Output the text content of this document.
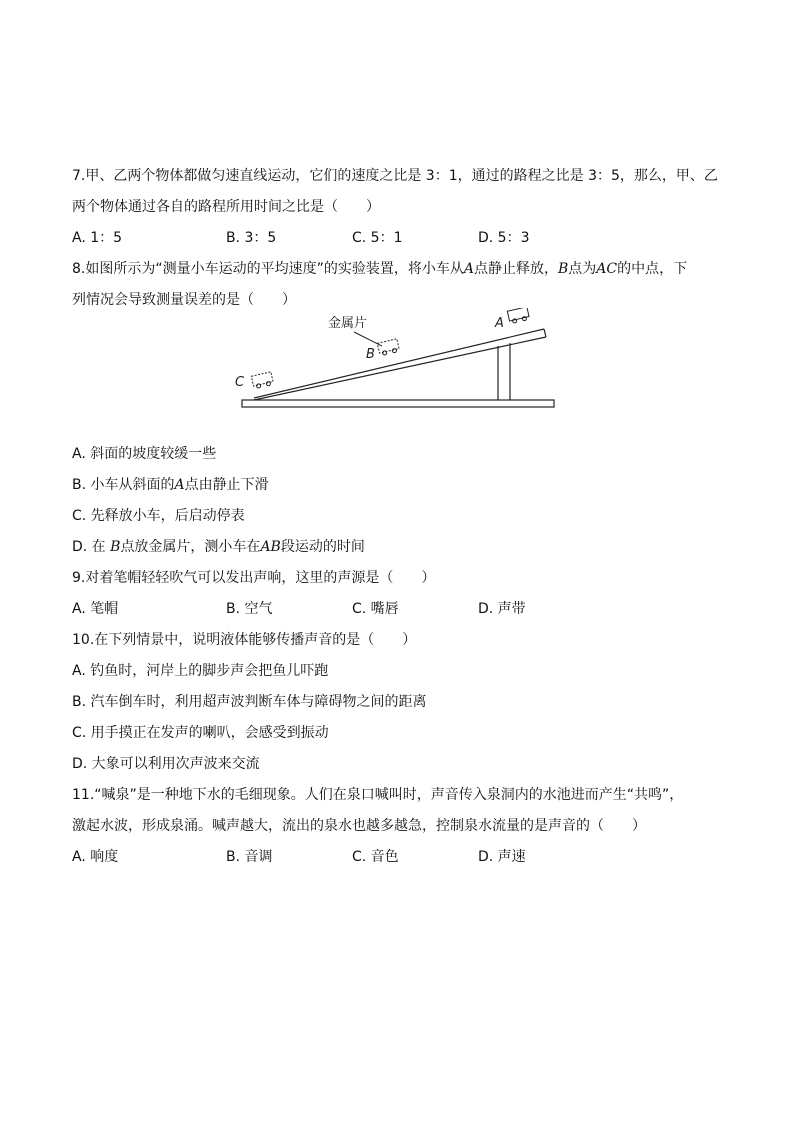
7.甲、乙两个物体都做匀速直线运动，它们的速度之比是 3：1，通过的路程之比是 3：5，那么，甲、乙
两个物体通过各自的路程所用时间之比是（　　）
A. 1：5	B. 3：5	C. 5：1	D. 5：3
8.如图所示为“测量小车运动的平均速度”的实验装置，将小车从A点静止释放，B点为AC的中点，下
列情况会导致测量误差的是（　　）
金属片	A
B
C
A. 斜面的坡度较缓一些
B. 小车从斜面的A点由静止下滑
C. 先释放小车，后启动停表
D. 在 B点放金属片，测小车在AB段运动的时间
9.对着笔帽轻轻吹气可以发出声响，这里的声源是（　　）
A. 笔帽	B. 空气	C. 嘴唇	D. 声带
10.在下列情景中，说明液体能够传播声音的是（　　）
A. 钓鱼时，河岸上的脚步声会把鱼儿吓跑
B. 汽车倒车时，利用超声波判断车体与障碍物之间的距离
C. 用手摸正在发声的喇叭，会感受到振动
D. 大象可以利用次声波来交流
11.“喊泉”是一种地下水的毛细现象。人们在泉口喊叫时，声音传入泉洞内的水池进而产生“共鸣”，
激起水波，形成泉涌。喊声越大，流出的泉水也越多越急，控制泉水流量的是声音的（　　）
A. 响度	B. 音调	C. 音色	D. 声速
